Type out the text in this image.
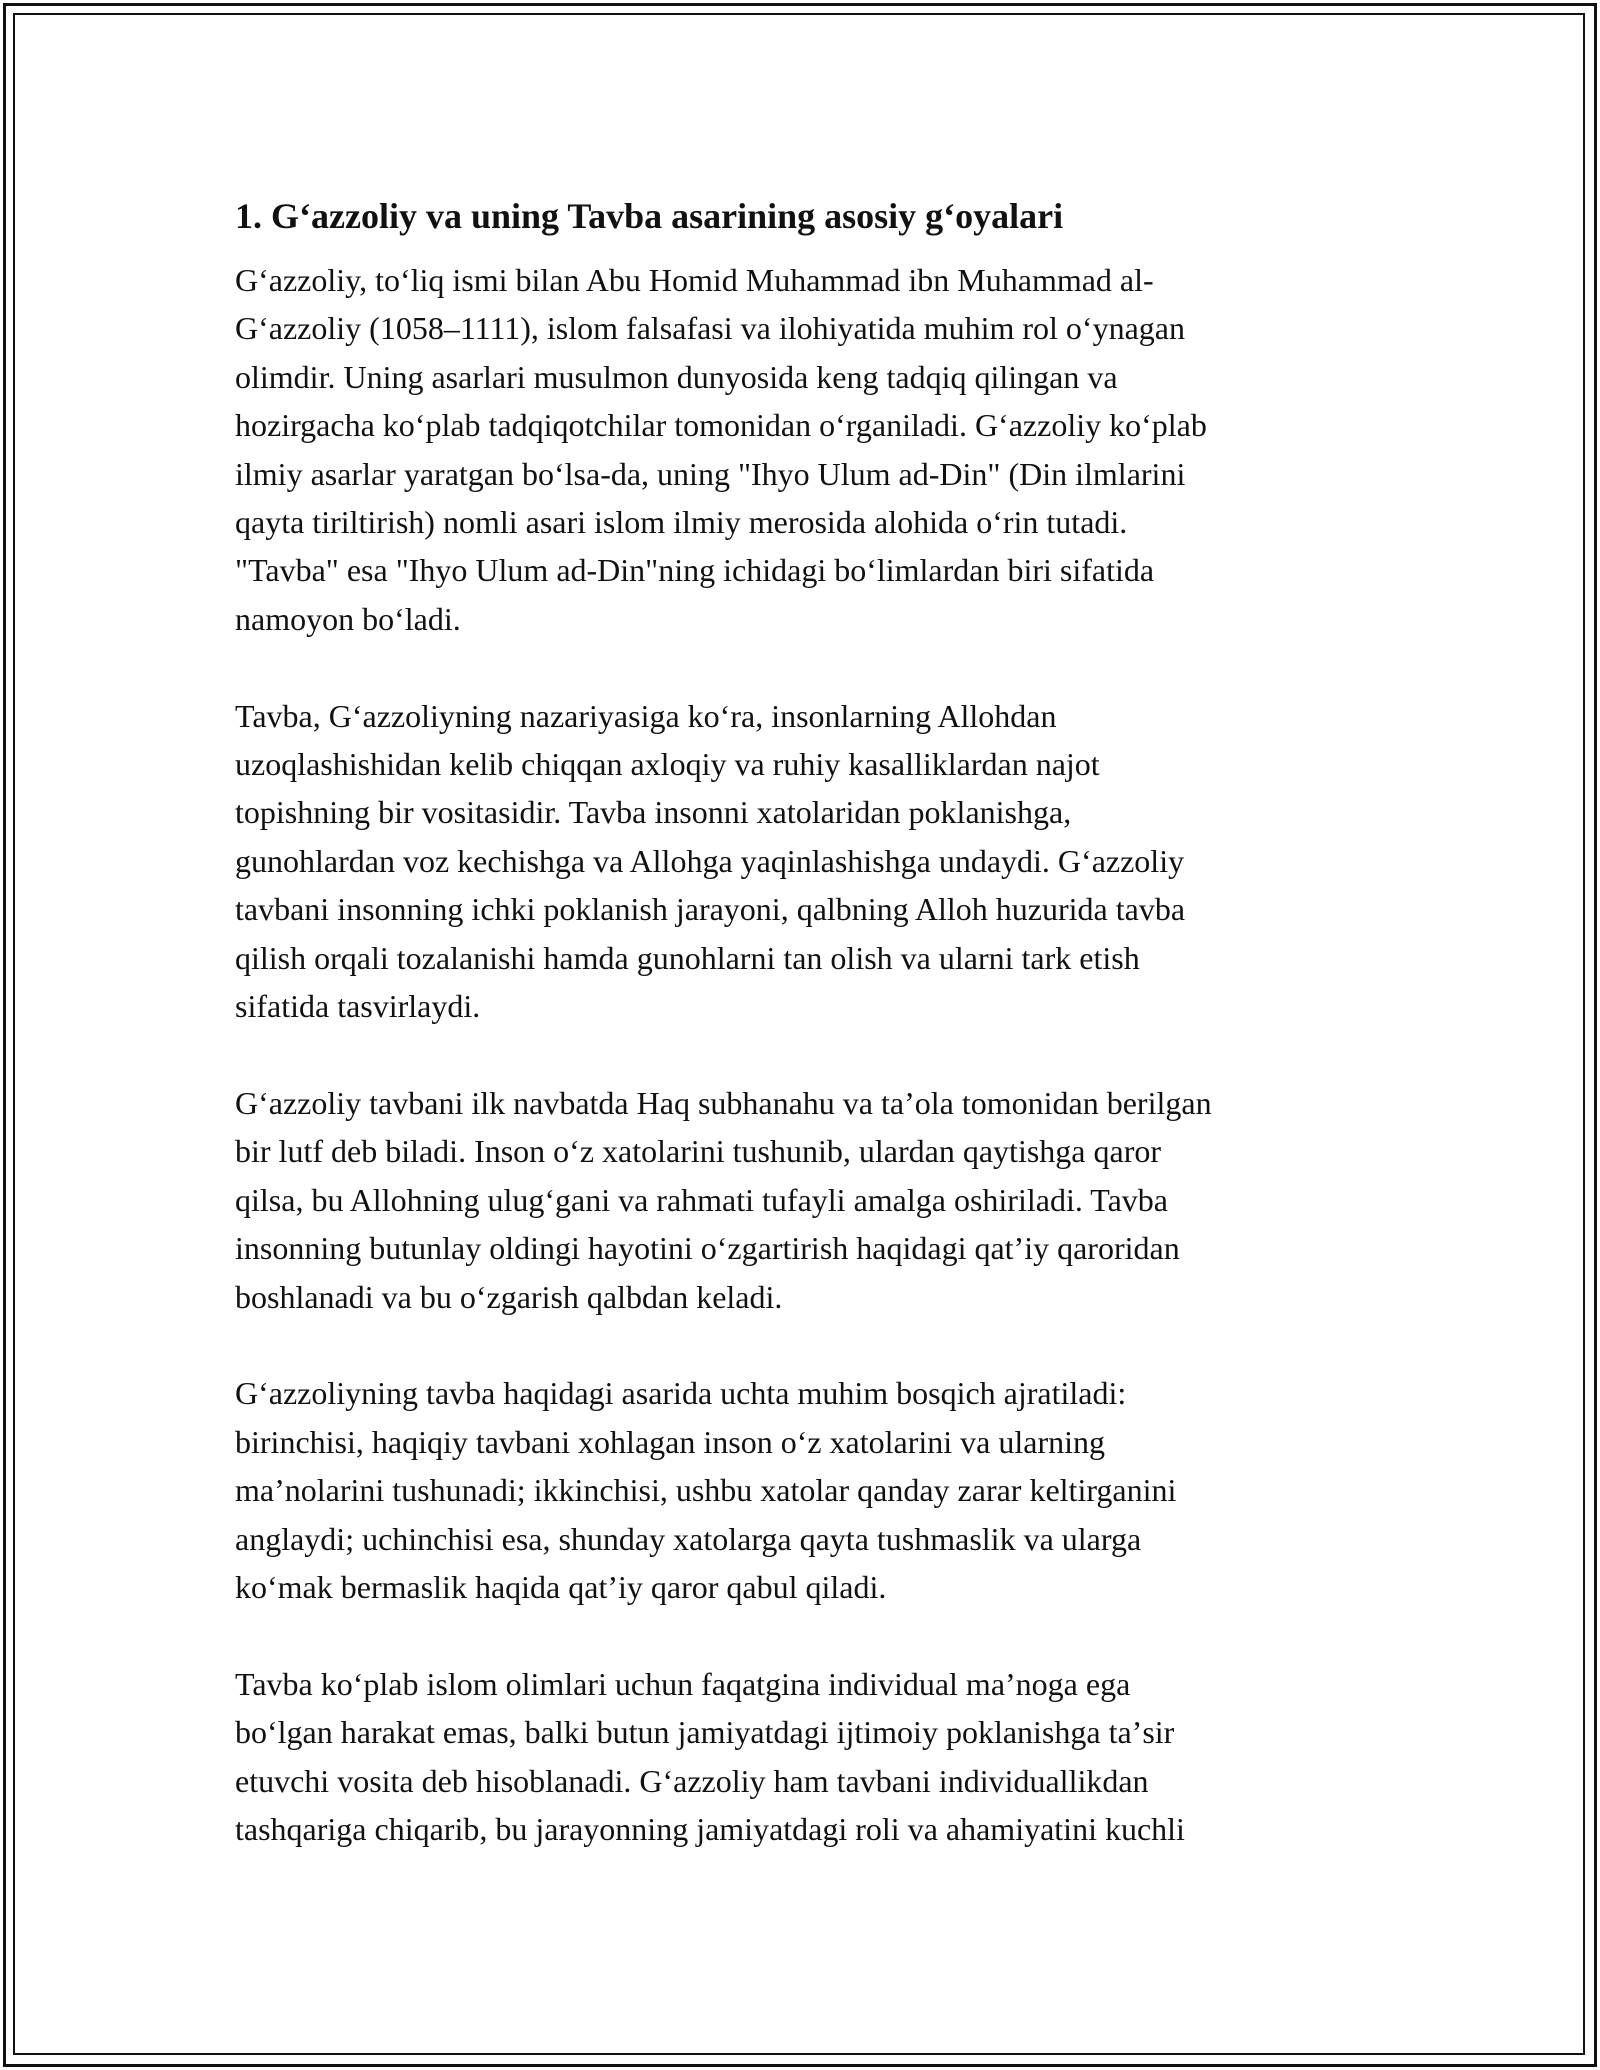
1. Gʻazzoliy va uning Tavba asarining asosiy gʻoyalari
Gʻazzoliy, toʻliq ismi bilan Abu Homid Muhammad ibn Muhammad al-
Gʻazzoliy (1058–1111), islom falsafasi va ilohiyatida muhim rol oʻynagan
olimdir. Uning asarlari musulmon dunyosida keng tadqiq qilingan va
hozirgacha koʻplab tadqiqotchilar tomonidan oʻrganiladi. Gʻazzoliy koʻplab
ilmiy asarlar yaratgan boʻlsa-da, uning "Ihyo Ulum ad-Din" (Din ilmlarini
qayta tiriltirish) nomli asari islom ilmiy merosida alohida oʻrin tutadi.
"Tavba" esa "Ihyo Ulum ad-Din"ning ichidagi boʻlimlardan biri sifatida
namoyon boʻladi.
Tavba, Gʻazzoliyning nazariyasiga koʻra, insonlarning Allohdan
uzoqlashishidan kelib chiqqan axloqiy va ruhiy kasalliklardan najot
topishning bir vositasidir. Tavba insonni xatolaridan poklanishga,
gunohlardan voz kechishga va Allohga yaqinlashishga undaydi. Gʻazzoliy
tavbani insonning ichki poklanish jarayoni, qalbning Alloh huzurida tavba
qilish orqali tozalanishi hamda gunohlarni tan olish va ularni tark etish
sifatida tasvirlaydi.
Gʻazzoliy tavbani ilk navbatda Haq subhanahu va taʼola tomonidan berilgan
bir lutf deb biladi. Inson oʻz xatolarini tushunib, ulardan qaytishga qaror
qilsa, bu Allohning ulugʻgani va rahmati tufayli amalga oshiriladi. Tavba
insonning butunlay oldingi hayotini oʻzgartirish haqidagi qatʼiy qaroridan
boshlanadi va bu oʻzgarish qalbdan keladi.
Gʻazzoliyning tavba haqidagi asarida uchta muhim bosqich ajratiladi:
birinchisi, haqiqiy tavbani xohlagan inson oʻz xatolarini va ularning
maʼnolarini tushunadi; ikkinchisi, ushbu xatolar qanday zarar keltirganini
anglaydi; uchinchisi esa, shunday xatolarga qayta tushmaslik va ularga
koʻmak bermaslik haqida qatʼiy qaror qabul qiladi.
Tavba koʻplab islom olimlari uchun faqatgina individual maʼnoga ega
boʻlgan harakat emas, balki butun jamiyatdagi ijtimoiy poklanishga taʼsir
etuvchi vosita deb hisoblanadi. Gʻazzoliy ham tavbani individuallikdan
tashqariga chiqarib, bu jarayonning jamiyatdagi roli va ahamiyatini kuchli
